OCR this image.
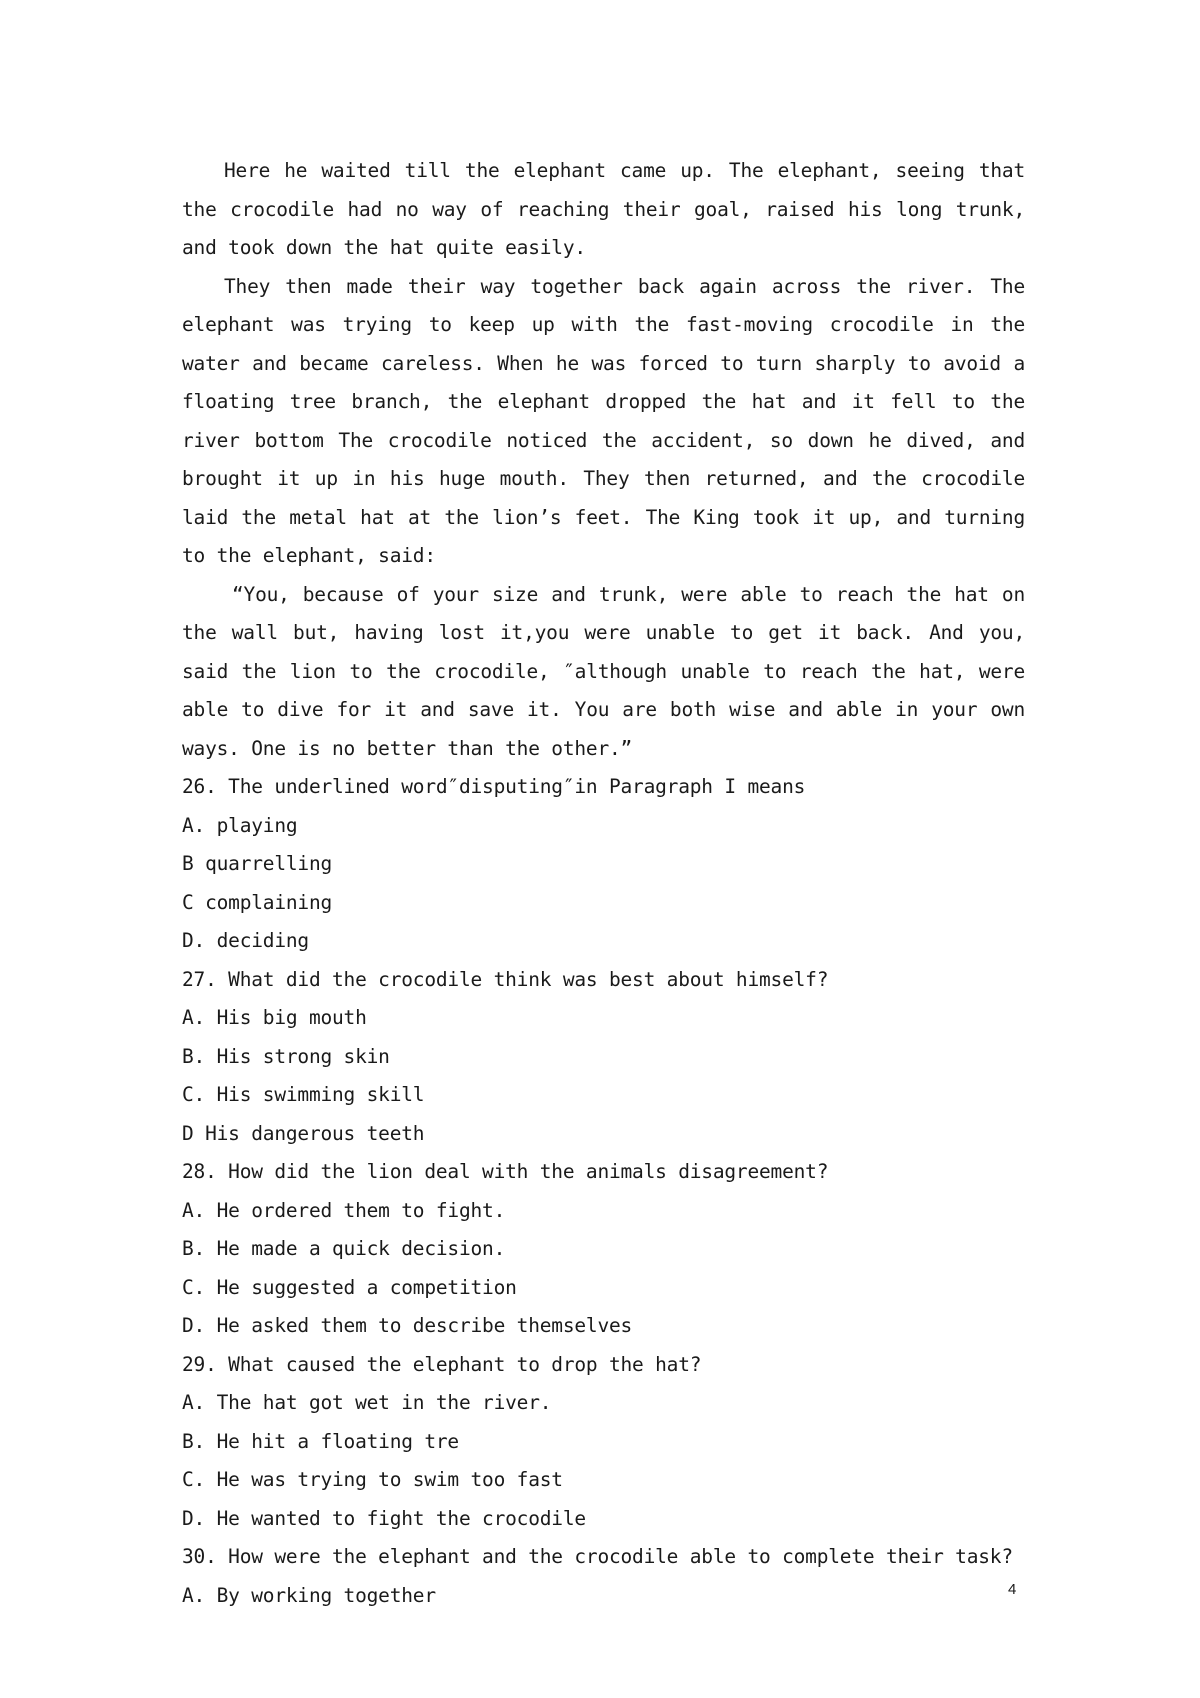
Here he waited till the elephant came up. The elephant, seeing that the crocodile had no way of reaching their goal, raised his long trunk, and took down the hat quite easily.

They then made their way together back again across the river. The elephant was trying to keep up with the fast-moving crocodile in the water and became careless. When he was forced to turn sharply to avoid a floating tree branch, the elephant dropped the hat and it fell to the river bottom The crocodile noticed the accident, so down he dived, and brought it up in his huge mouth. They then returned, and the crocodile laid the metal hat at the lion’s feet. The King took it up, and turning to the elephant, said:

“You, because of your size and trunk, were able to reach the hat on the wall but, having lost it,you were unable to get it back. And you, said the lion to the crocodile, ″although unable to reach the hat, were able to dive for it and save it. You are both wise and able in your own ways. One is no better than the other.”

26. The underlined word″disputing″in Paragraph I means

A. playing

B quarrelling

C complaining

D. deciding

27. What did the crocodile think was best about himself?

A. His big mouth

B. His strong skin

C. His swimming skill

D His dangerous teeth

28. How did the lion deal with the animals disagreement?

A. He ordered them to fight.

B. He made a quick decision.

C. He suggested a competition

D. He asked them to describe themselves

29. What caused the elephant to drop the hat?

A. The hat got wet in the river.

B. He hit a floating tre

C. He was trying to swim too fast

D. He wanted to fight the crocodile

30. How were the elephant and the crocodile able to complete their task?

A. By working together	4
